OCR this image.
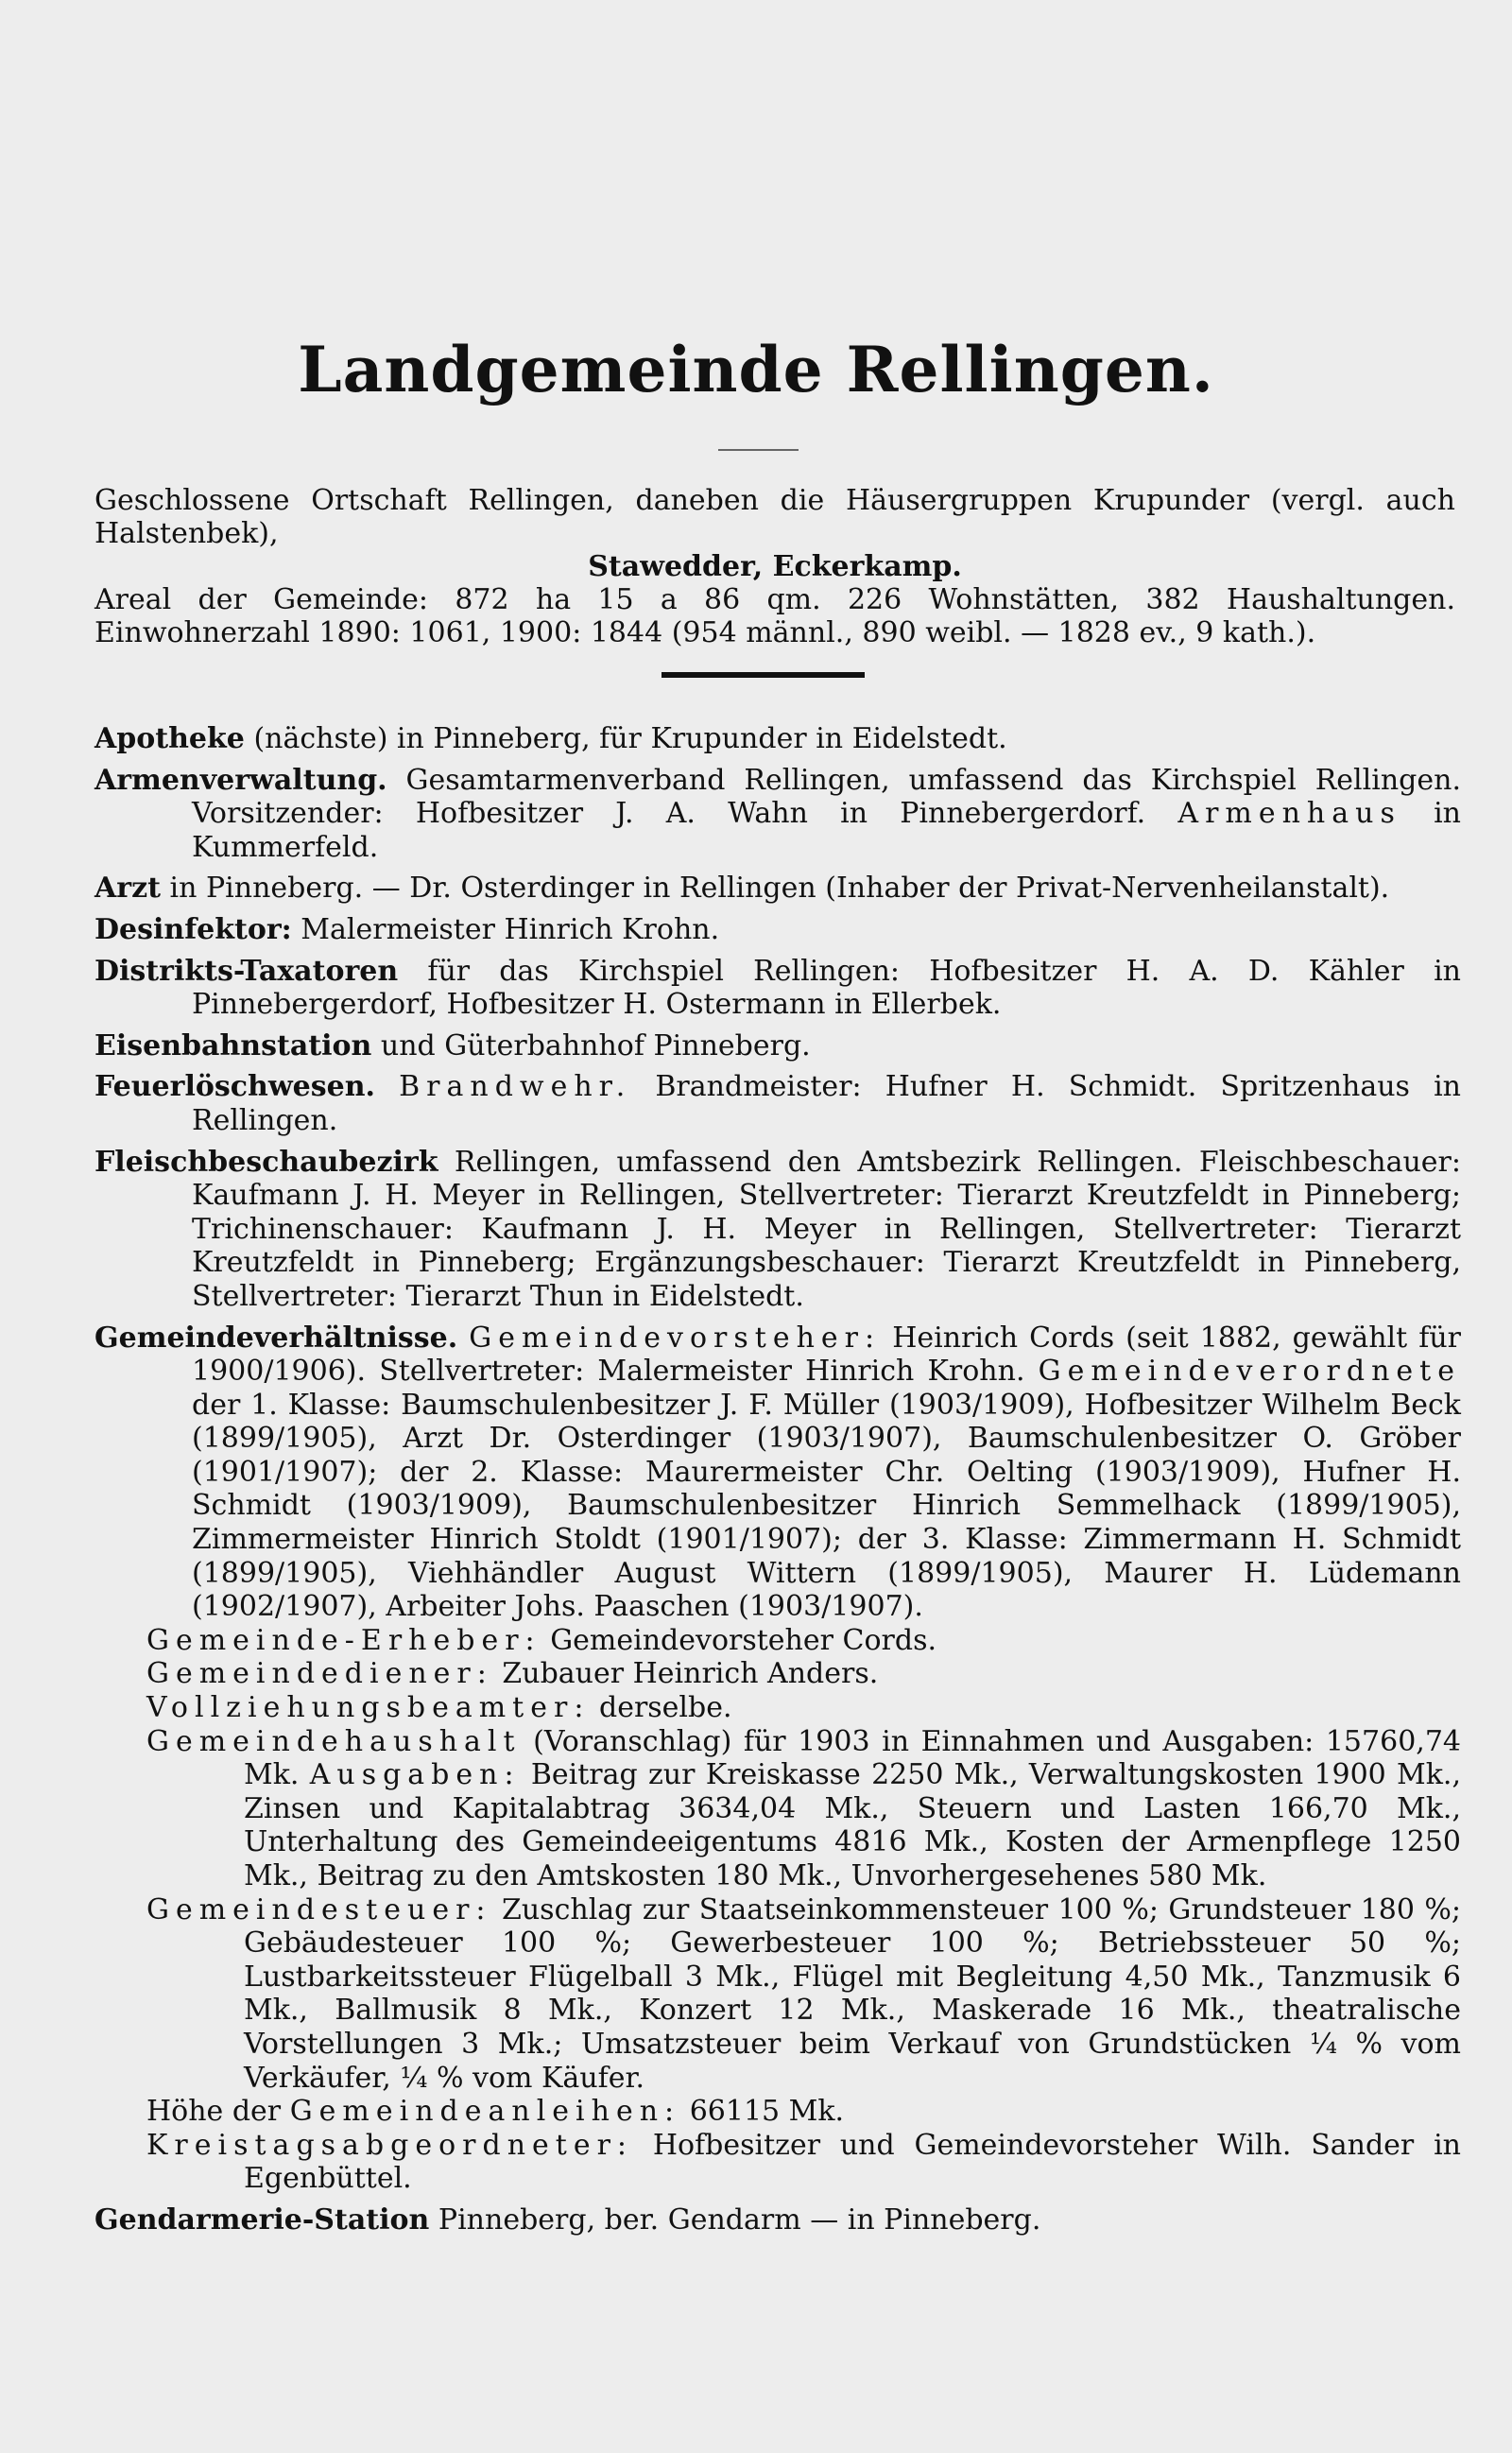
Landgemeinde Rellingen.

Geschlossene Ortschaft Rellingen, daneben die Häusergruppen Krupunder (vergl. auch Halstenbek),

Stawedder, Eckerkamp.

Areal der Gemeinde: 872 ha 15 a 86 qm. 226 Wohnstätten, 382 Haushaltungen. Einwohnerzahl 1890: 1061, 1900: 1844 (954 männl., 890 weibl. — 1828 ev., 9 kath.).

Apotheke (nächste) in Pinneberg, für Krupunder in Eidelstedt.

Armenverwaltung. Gesamtarmenverband Rellingen, umfassend das Kirchspiel Rellingen. Vorsitzender: Hofbesitzer J. A. Wahn in Pinnebergerdorf. Armenhaus in Kummerfeld.

Arzt in Pinneberg. — Dr. Osterdinger in Rellingen (Inhaber der Privat-Nervenheilanstalt).

Desinfektor: Malermeister Hinrich Krohn.

Distrikts-Taxatoren für das Kirchspiel Rellingen: Hofbesitzer H. A. D. Kähler in Pinnebergerdorf, Hofbesitzer H. Ostermann in Ellerbek.

Eisenbahnstation und Güterbahnhof Pinneberg.

Feuerlöschwesen. Brandwehr. Brandmeister: Hufner H. Schmidt. Spritzenhaus in Rellingen.

Fleischbeschaubezirk Rellingen, umfassend den Amtsbezirk Rellingen. Fleischbeschauer: Kaufmann J. H. Meyer in Rellingen, Stellvertreter: Tierarzt Kreutzfeldt in Pinneberg; Trichinenschauer: Kaufmann J. H. Meyer in Rellingen, Stellvertreter: Tierarzt Kreutzfeldt in Pinneberg; Ergänzungsbeschauer: Tierarzt Kreutzfeldt in Pinneberg, Stellvertreter: Tierarzt Thun in Eidelstedt.

Gemeindeverhältnisse. Gemeindevorsteher: Heinrich Cords (seit 1882, gewählt für 1900/1906). Stellvertreter: Malermeister Hinrich Krohn. Gemeindeverordnete der 1. Klasse: Baumschulenbesitzer J. F. Müller (1903/1909), Hofbesitzer Wilhelm Beck (1899/1905), Arzt Dr. Osterdinger (1903/1907), Baumschulenbesitzer O. Gröber (1901/1907); der 2. Klasse: Maurermeister Chr. Oelting (1903/1909), Hufner H. Schmidt (1903/1909), Baumschulenbesitzer Hinrich Semmelhack (1899/1905), Zimmermeister Hinrich Stoldt (1901/1907); der 3. Klasse: Zimmermann H. Schmidt (1899/1905), Viehhändler August Wittern (1899/1905), Maurer H. Lüdemann (1902/1907), Arbeiter Johs. Paaschen (1903/1907).

Gemeinde-Erheber: Gemeindevorsteher Cords.

Gemeindediener: Zubauer Heinrich Anders.

Vollziehungsbeamter: derselbe.

Gemeindehaushalt (Voranschlag) für 1903 in Einnahmen und Ausgaben: 15760,74 Mk. Ausgaben: Beitrag zur Kreiskasse 2250 Mk., Verwaltungskosten 1900 Mk., Zinsen und Kapitalabtrag 3634,04 Mk., Steuern und Lasten 166,70 Mk., Unterhaltung des Gemeindeeigentums 4816 Mk., Kosten der Armenpflege 1250 Mk., Beitrag zu den Amtskosten 180 Mk., Unvorhergesehenes 580 Mk.

Gemeindesteuer: Zuschlag zur Staatseinkommensteuer 100 %; Grundsteuer 180 %; Gebäudesteuer 100 %; Gewerbesteuer 100 %; Betriebssteuer 50 %; Lustbarkeitssteuer Flügelball 3 Mk., Flügel mit Begleitung 4,50 Mk., Tanzmusik 6 Mk., Ballmusik 8 Mk., Konzert 12 Mk., Maskerade 16 Mk., theatralische Vorstellungen 3 Mk.; Umsatzsteuer beim Verkauf von Grundstücken ¼ % vom Verkäufer, ¼ % vom Käufer.

Höhe der Gemeindeanleihen: 66115 Mk.

Kreistagsabgeordneter: Hofbesitzer und Gemeindevorsteher Wilh. Sander in Egenbüttel.

Gendarmerie-Station Pinneberg, ber. Gendarm — in Pinneberg.
